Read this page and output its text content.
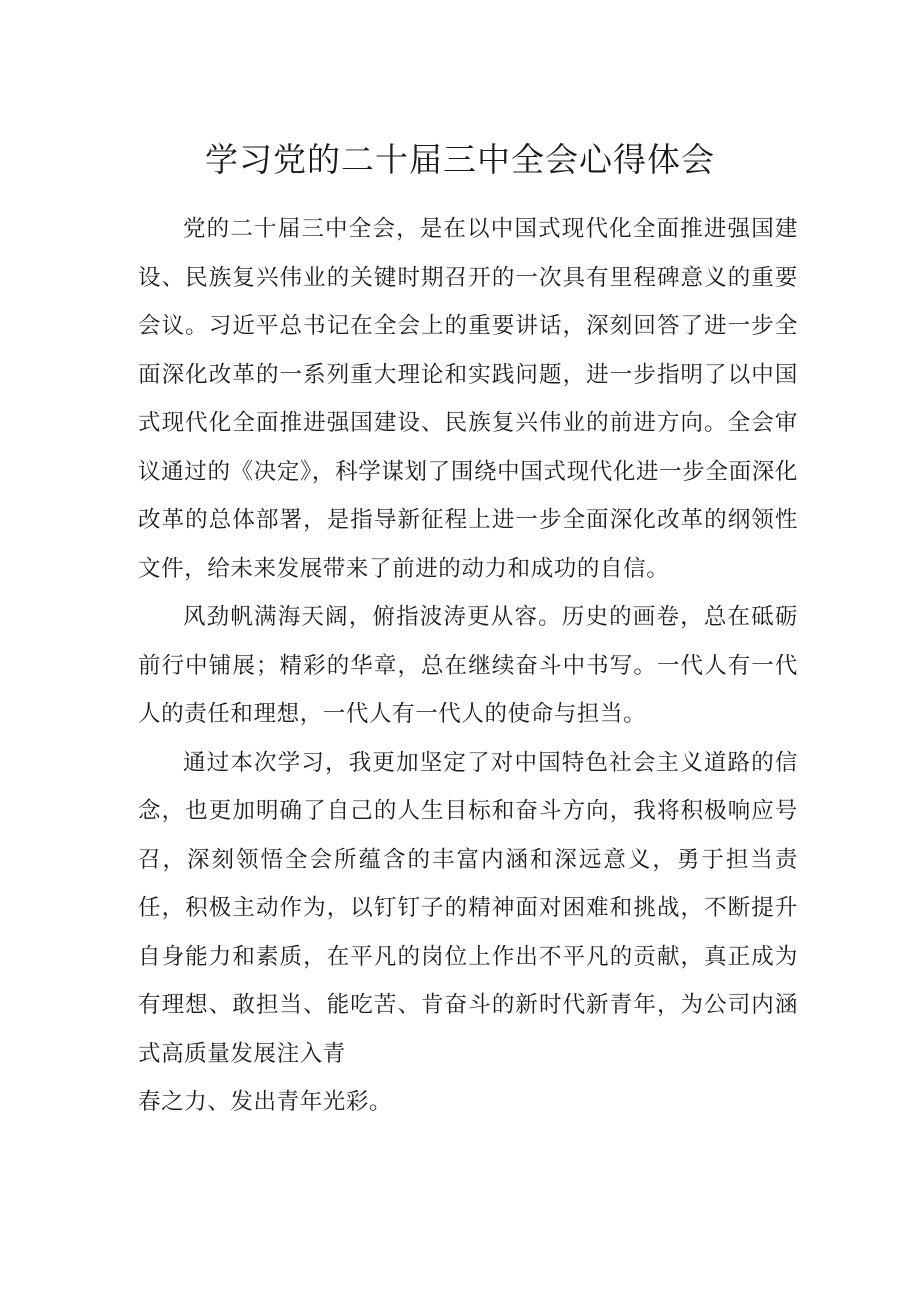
学习党的二十届三中全会心得体会

党的二十届三中全会，是在以中国式现代化全面推进强国建设、民族复兴伟业的关键时期召开的一次具有里程碑意义的重要会议。习近平总书记在全会上的重要讲话，深刻回答了进一步全面深化改革的一系列重大理论和实践问题，进一步指明了以中国式现代化全面推进强国建设、民族复兴伟业的前进方向。全会审议通过的《决定》，科学谋划了围绕中国式现代化进一步全面深化改革的总体部署，是指导新征程上进一步全面深化改革的纲领性文件，给未来发展带来了前进的动力和成功的自信。

风劲帆满海天阔，俯指波涛更从容。历史的画卷，总在砥砺前行中铺展；精彩的华章，总在继续奋斗中书写。一代人有一代人的责任和理想，一代人有一代人的使命与担当。

通过本次学习，我更加坚定了对中国特色社会主义道路的信念，也更加明确了自己的人生目标和奋斗方向，我将积极响应号召，深刻领悟全会所蕴含的丰富内涵和深远意义，勇于担当责任，积极主动作为，以钉钉子的精神面对困难和挑战，不断提升自身能力和素质，在平凡的岗位上作出不平凡的贡献，真正成为有理想、敢担当、能吃苦、肯奋斗的新时代新青年，为公司内涵式高质量发展注入青
春之力、发出青年光彩。
